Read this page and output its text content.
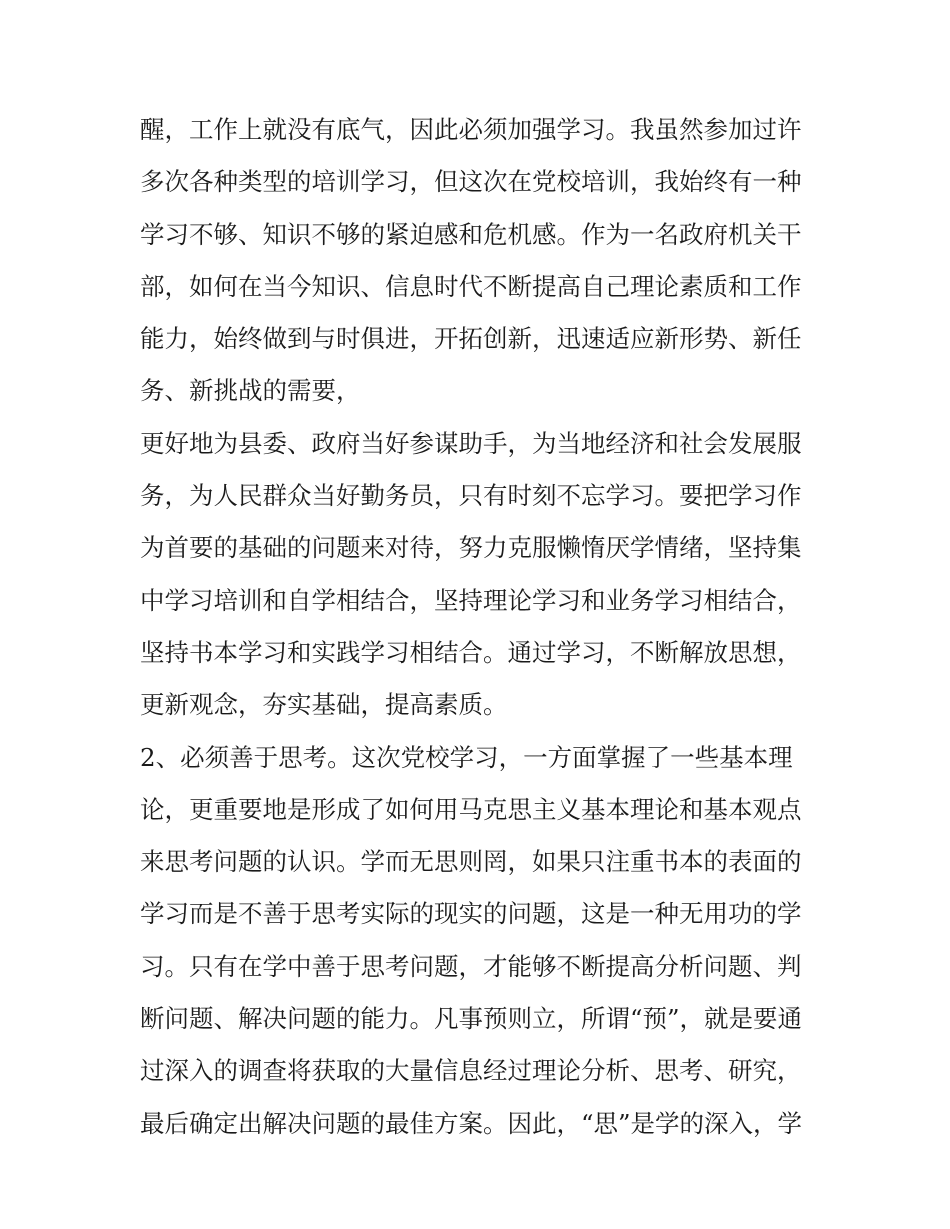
醒，工作上就没有底气，因此必须加强学习。我虽然参加过许
多次各种类型的培训学习，但这次在党校培训，我始终有一种
学习不够、知识不够的紧迫感和危机感。作为一名政府机关干
部，如何在当今知识、信息时代不断提高自己理论素质和工作
能力，始终做到与时俱进，开拓创新，迅速适应新形势、新任
务、新挑战的需要，
更好地为县委、政府当好参谋助手，为当地经济和社会发展服
务，为人民群众当好勤务员，只有时刻不忘学习。要把学习作
为首要的基础的问题来对待，努力克服懒惰厌学情绪，坚持集
中学习培训和自学相结合，坚持理论学习和业务学习相结合，
坚持书本学习和实践学习相结合。通过学习，不断解放思想，
更新观念，夯实基础，提高素质。
2、必须善于思考。这次党校学习，一方面掌握了一些基本理
论，更重要地是形成了如何用马克思主义基本理论和基本观点
来思考问题的认识。学而无思则罔，如果只注重书本的表面的
学习而是不善于思考实际的现实的问题，这是一种无用功的学
习。只有在学中善于思考问题，才能够不断提高分析问题、判
断问题、解决问题的能力。凡事预则立，所谓“预”，就是要通
过深入的调查将获取的大量信息经过理论分析、思考、研究，
最后确定出解决问题的最佳方案。因此，“思”是学的深入，学
